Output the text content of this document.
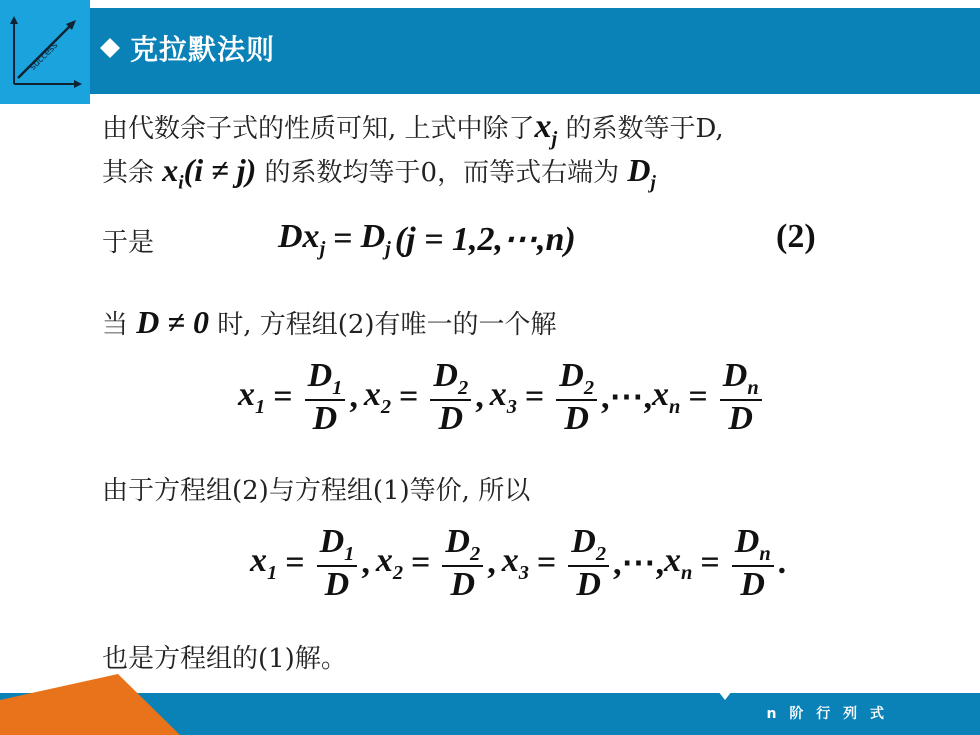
success 克拉默法则
由代数余子式的性质可知, 上式中除了$x_j$ 的系数等于D,
其余 $x_i(i \ne j)$ 的系数均等于0，而等式右端为 $D_j$
于是	$Dx_j = D_j$ (j = 1,2,⋯,n)	(2)
当 D ≠ 0 时, 方程组(2)有唯一的一个解
$x_1 = \frac{D_1}{D}$ , $x_2 = \frac{D_2}{D}$ , $x_3 = \frac{D_2}{D}$ ,⋯, $x_n = \frac{D_n}{D}$
由于方程组(2)与方程组(1)等价, 所以
$x_1 = \frac{D_1}{D}$ , $x_2 = \frac{D_2}{D}$ , $x_3 = \frac{D_2}{D}$ ,⋯, $x_n = \frac{D_n}{D}$ .
也是方程组的(1)解。
n 阶 行 列 式
